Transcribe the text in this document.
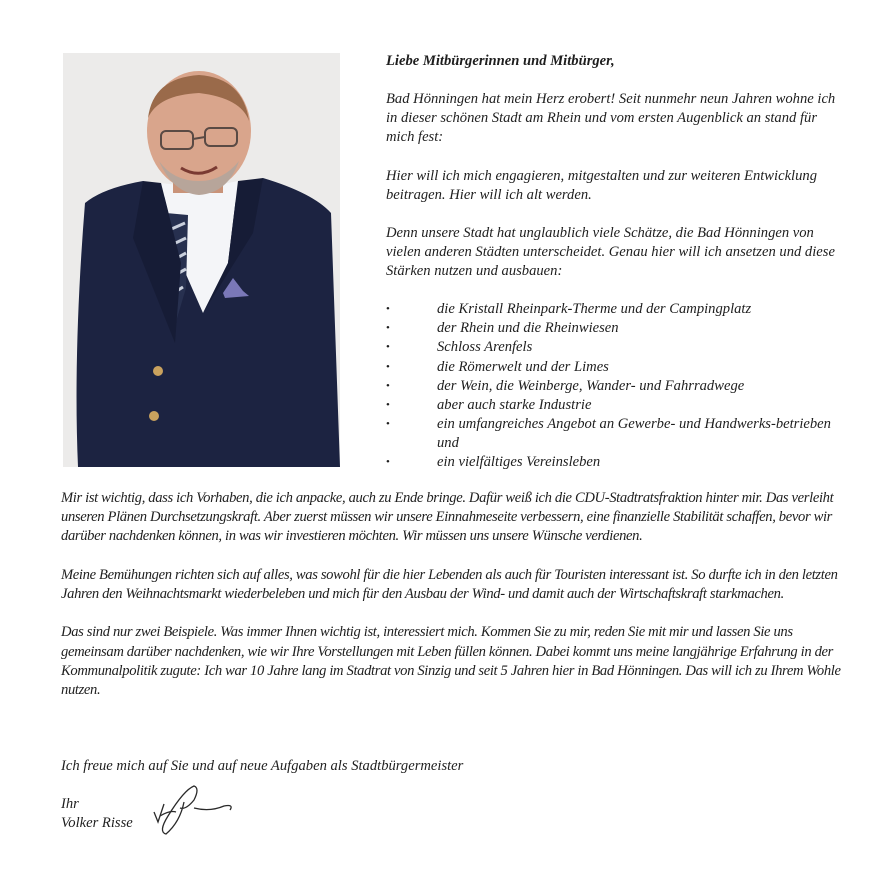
Liebe Mitbürgerinnen und Mitbürger,

Bad Hönningen hat mein Herz erobert! Seit nunmehr neun Jahren wohne ich in dieser schönen Stadt am Rhein und vom ersten Augenblick an stand für mich fest:

Hier will ich mich engagieren, mitgestalten und zur weiteren Entwicklung beitragen. Hier will ich alt werden.

Denn unsere Stadt hat unglaublich viele Schätze, die Bad Hönningen von vielen anderen Städten unterscheidet. Genau hier will ich ansetzen und diese Stärken nutzen und ausbauen:

•	die Kristall Rheinpark-Therme und der Campingplatz
•	der Rhein und die Rheinwiesen
•	Schloss Arenfels
•	die Römerwelt und der Limes
•	der Wein, die Weinberge, Wander- und Fahrradwege
•	aber auch starke Industrie
•	ein umfangreiches Angebot an Gewerbe- und Handwerks-betrieben und
•	ein vielfältiges Vereinsleben

Mir ist wichtig, dass ich Vorhaben, die ich anpacke, auch zu Ende bringe. Dafür weiß ich die CDU-Stadtratsfraktion hinter mir. Das verleiht unseren Plänen Durchsetzungskraft. Aber zuerst müssen wir unsere Einnahmeseite verbessern, eine finanzielle Stabilität schaffen, bevor wir darüber nachdenken können, in was wir investieren möchten. Wir müssen uns unsere Wünsche verdienen.

Meine Bemühungen richten sich auf alles, was sowohl für die hier Lebenden als auch für Touristen interessant ist. So durfte ich in den letzten Jahren den Weihnachtsmarkt wiederbeleben und mich für den Ausbau der Wind- und damit auch der Wirtschaftskraft starkmachen.

Das sind nur zwei Beispiele. Was immer Ihnen wichtig ist, interessiert mich. Kommen Sie zu mir, reden Sie mit mir und lassen Sie uns gemeinsam darüber nachdenken, wie wir Ihre Vorstellungen mit Leben füllen können. Dabei kommt uns meine langjährige Erfahrung in der Kommunalpolitik zugute: Ich war 10 Jahre lang im Stadtrat von Sinzig und seit 5 Jahren hier in Bad Hönningen. Das will ich zu Ihrem Wohle nutzen.

Ich freue mich auf Sie und auf neue Aufgaben als Stadtbürgermeister
Ihr
Volker Risse
